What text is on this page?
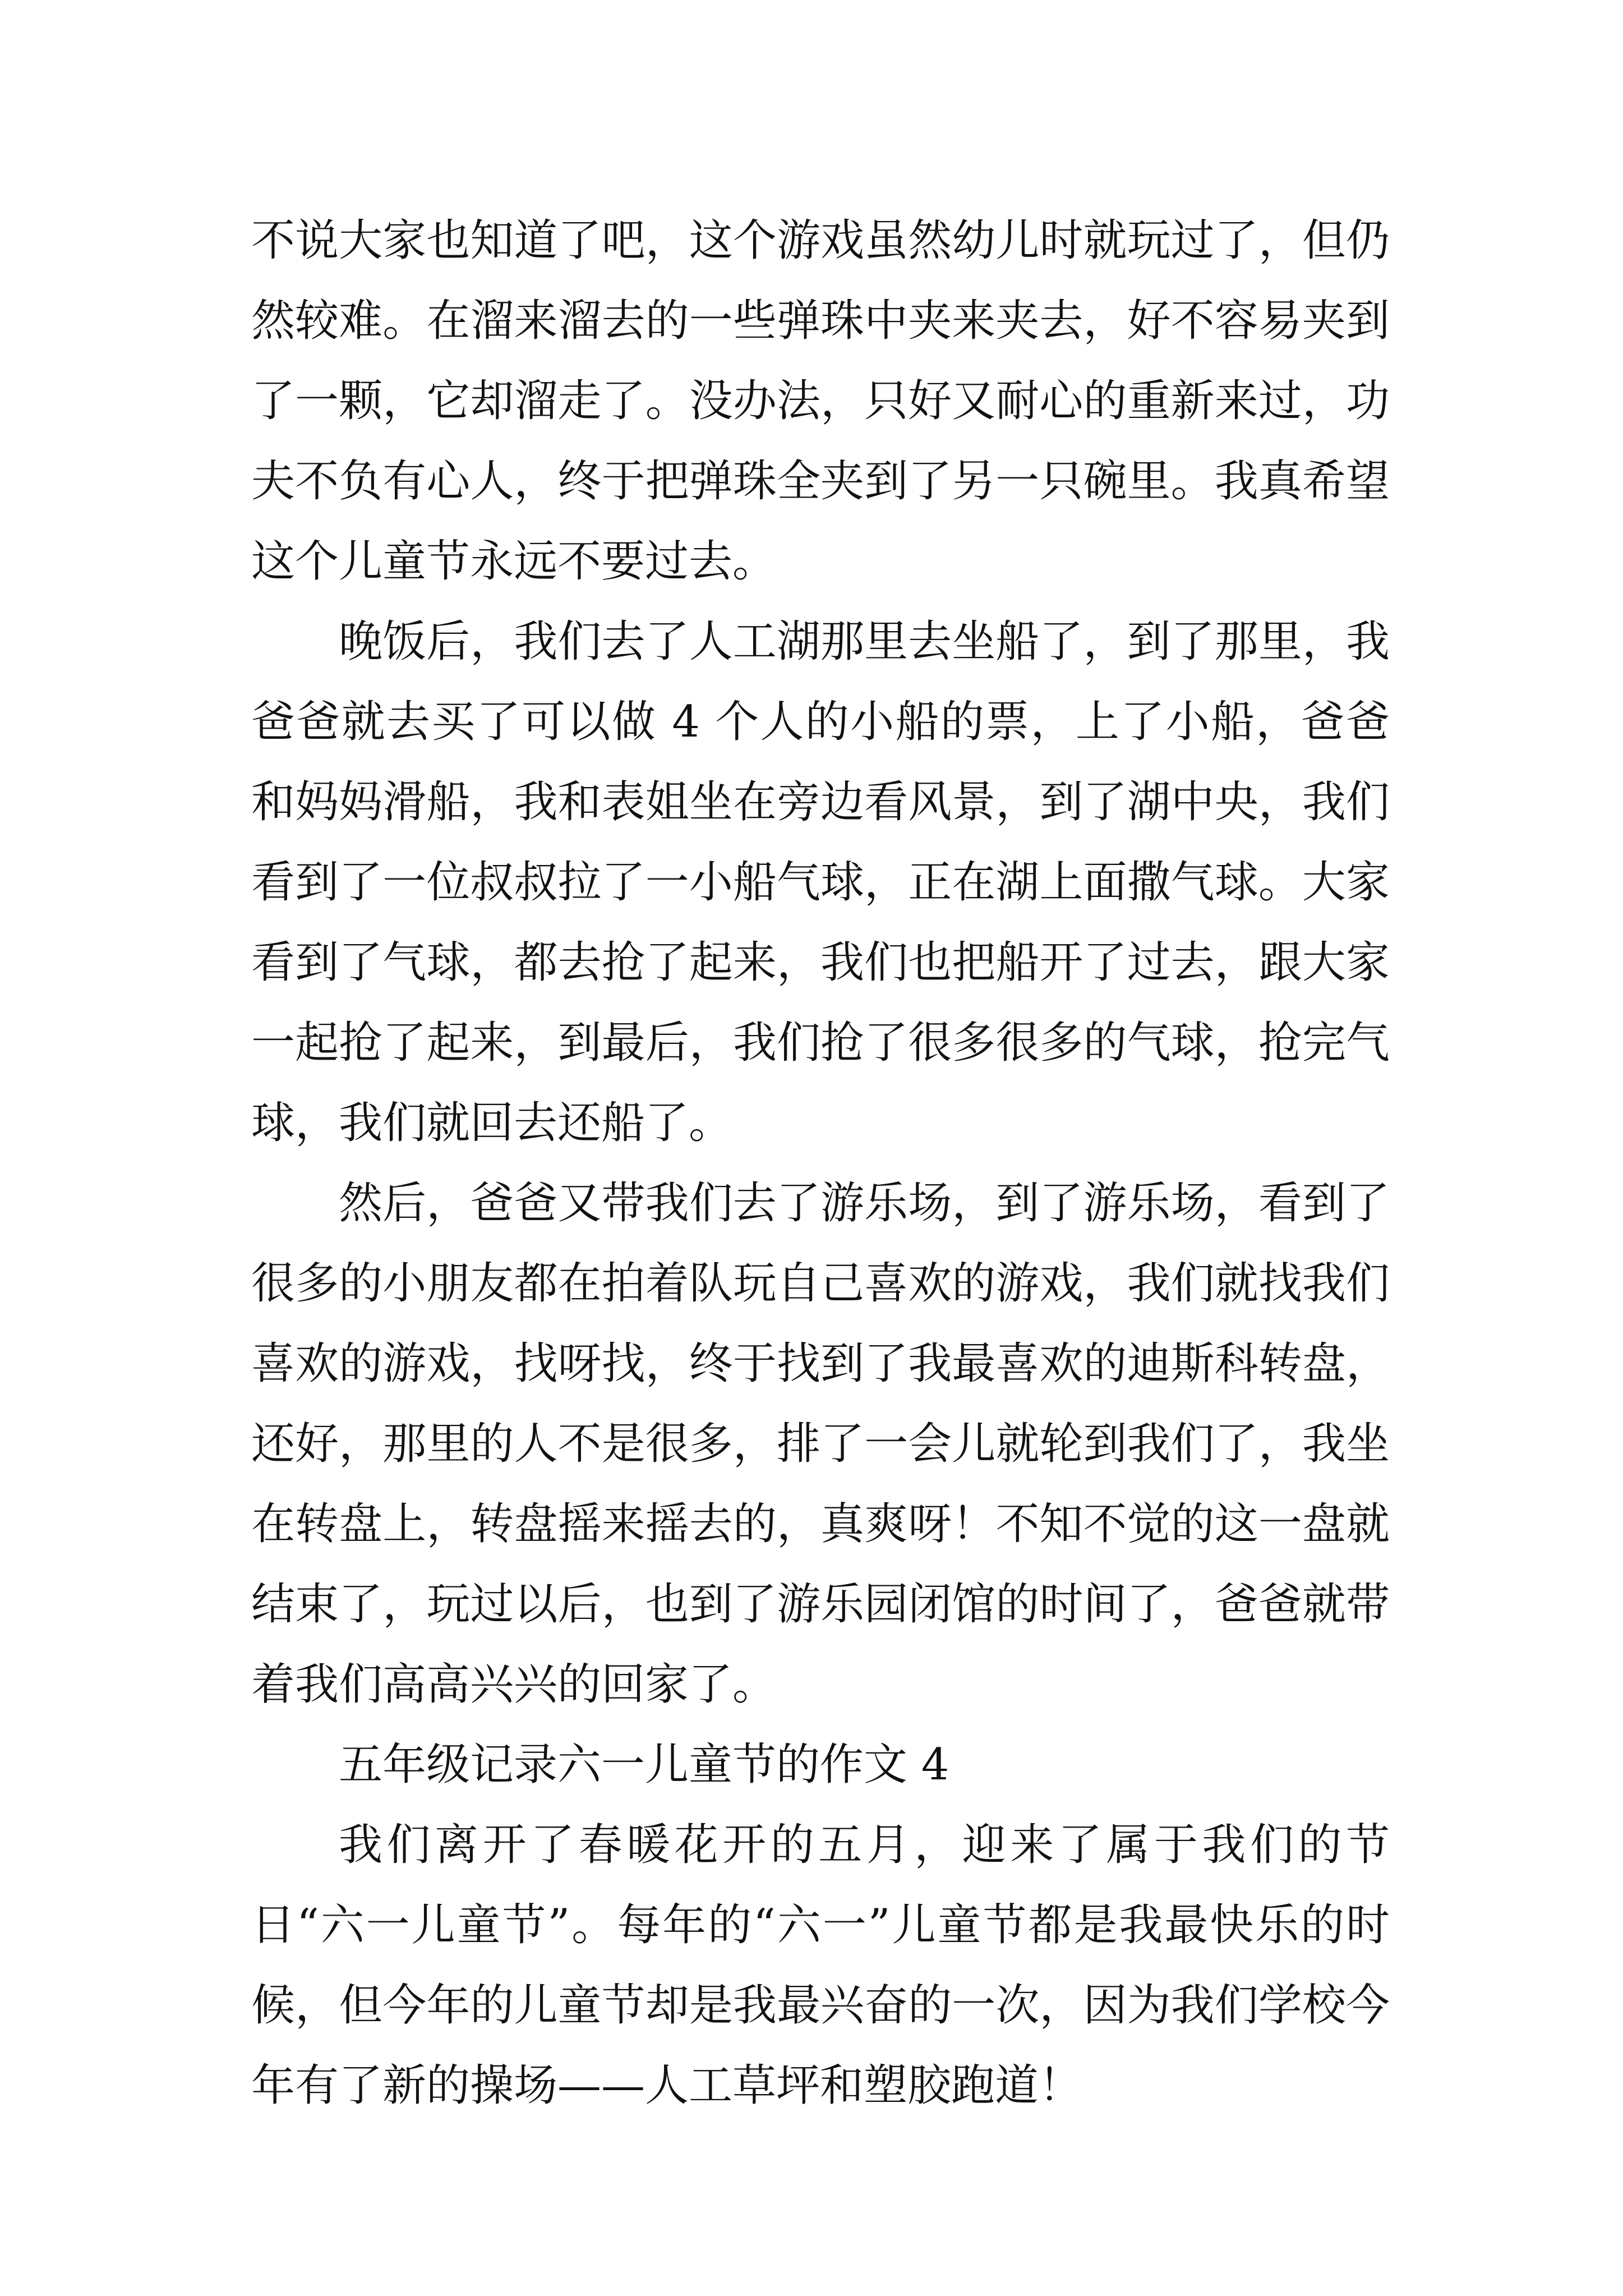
不说大家也知道了吧，这个游戏虽然幼儿时就玩过了，但仍然较难。在溜来溜去的一些弹珠中夹来夹去，好不容易夹到了一颗，它却溜走了。没办法，只好又耐心的重新来过，功夫不负有心人，终于把弹珠全夹到了另一只碗里。我真希望这个儿童节永远不要过去。

晚饭后，我们去了人工湖那里去坐船了，到了那里，我爸爸就去买了可以做 4 个人的小船的票，上了小船，爸爸和妈妈滑船，我和表姐坐在旁边看风景，到了湖中央，我们看到了一位叔叔拉了一小船气球，正在湖上面撒气球。大家看到了气球，都去抢了起来，我们也把船开了过去，跟大家一起抢了起来，到最后，我们抢了很多很多的气球，抢完气球，我们就回去还船了。

然后，爸爸又带我们去了游乐场，到了游乐场，看到了很多的小朋友都在拍着队玩自己喜欢的游戏，我们就找我们喜欢的游戏，找呀找，终于找到了我最喜欢的迪斯科转盘，还好，那里的人不是很多，排了一会儿就轮到我们了，我坐在转盘上，转盘摇来摇去的，真爽呀！不知不觉的这一盘就结束了，玩过以后，也到了游乐园闭馆的时间了，爸爸就带着我们高高兴兴的回家了。

五年级记录六一儿童节的作文 4

我们离开了春暖花开的五月，迎来了属于我们的节日“六一儿童节”。每年的“六一”儿童节都是我最快乐的时候，但今年的儿童节却是我最兴奋的一次，因为我们学校今年有了新的操场——人工草坪和塑胶跑道！
